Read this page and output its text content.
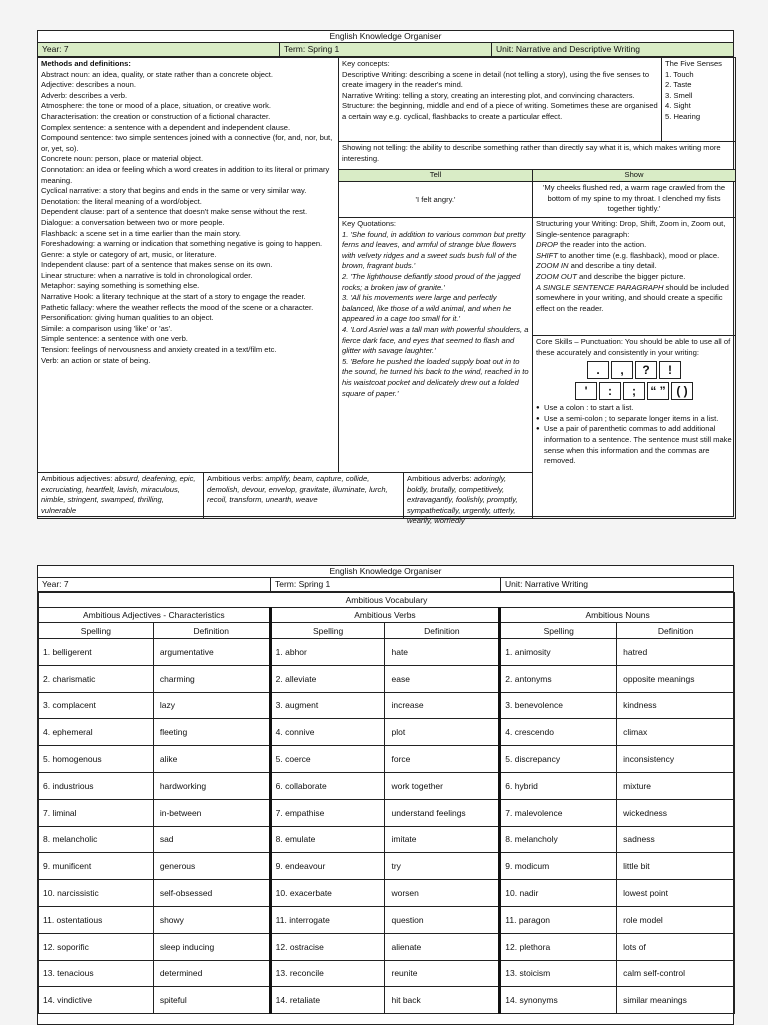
English Knowledge Organiser
Year: 7	Term: Spring 1	Unit: Narrative and Descriptive Writing
Methods and definitions:
Abstract noun: an idea, quality, or state rather than a concrete object.
Adjective: describes a noun.
Adverb: describes a verb.
Atmosphere: the tone or mood of a place, situation, or creative work.
Characterisation: the creation or construction of a fictional character.
Complex sentence: a sentence with a dependent and independent clause.
Compound sentence: two simple sentences joined with a connective (for, and, nor, but, or, yet, so).
Concrete noun: person, place or material object.
Connotation: an idea or feeling which a word creates in addition to its literal or primary meaning.
Cyclical narrative: a story that begins and ends in the same or very similar way.
Denotation: the literal meaning of a word/object.
Dependent clause: part of a sentence that doesn't make sense without the rest.
Dialogue: a conversation between two or more people.
Flashback: a scene set in a time earlier than the main story.
Foreshadowing: a warning or indication that something negative is going to happen.
Genre: a style or category of art, music, or literature.
Independent clause: part of a sentence that makes sense on its own.
Linear structure: when a narrative is told in chronological order.
Metaphor: saying something is something else.
Narrative Hook: a literary technique at the start of a story to engage the reader.
Pathetic fallacy: where the weather reflects the mood of the scene or a character.
Personification: giving human qualities to an object.
Simile: a comparison using 'like' or 'as'.
Simple sentence: a sentence with one verb.
Tension: feelings of nervousness and anxiety created in a text/film etc.
Verb: an action or state of being.
Key concepts:
Descriptive Writing: describing a scene in detail (not telling a story), using the five senses to create imagery in the reader's mind.
Narrative Writing: telling a story, creating an interesting plot, and convincing characters.
Structure: the beginning, middle and end of a piece of writing. Sometimes these are organised a certain way e.g. cyclical, flashbacks to create a particular effect.
The Five Senses
1. Touch
2. Taste
3. Smell
4. Sight
5. Hearing
Showing not telling: the ability to describe something rather than directly say what it is, which makes writing more interesting.
Tell	Show
'I felt angry.'
'My cheeks flushed red, a warm rage crawled from the bottom of my spine to my throat. I clenched my fists together tightly.'
Key Quotations:
1. 'She found, in addition to various common but pretty ferns and leaves, and armful of strange blue flowers with velvety ridges and a sweet suds bush full of the brown, fragrant buds.'
2. 'The lighthouse defiantly stood proud of the jagged rocks; a broken jaw of granite.'
3. 'All his movements were large and perfectly balanced, like those of a wild animal, and when he appeared in a cage too small for it.'
4. 'Lord Asriel was a tall man with powerful shoulders, a fierce dark face, and eyes that seemed to flash and glitter with savage laughter.'
5. 'Before he pushed the loaded supply boat out in to the sound, he turned his back to the wind, reached in to his waistcoat pocket and delicately drew out a folded square of paper.'
Structuring your Writing: Drop, Shift, Zoom in, Zoom out, Single-sentence paragraph:
DROP the reader into the action.
SHIFT to another time (e.g. flashback), mood or place.
ZOOM IN and describe a tiny detail.
ZOOM OUT and describe the bigger picture.
A SINGLE SENTENCE PARAGRAPH should be included somewhere in your writing, and should create a specific effect on the reader.
Core Skills – Punctuation: You should be able to use all of these accurately and consistently in your writing:
.	,	?	!
'	:	;	“ ” ( )
● Use a colon : to start a list.
● Use a semi-colon ; to separate longer items in a list.
● Use a pair of parenthetic commas to add additional information to a sentence. The sentence must still make sense when this information and the commas are removed.
Ambitious adjectives: absurd, deafening, epic, excruciating, heartfelt, lavish, miraculous, nimble, stringent, swamped, thrilling, vulnerable
Ambitious verbs: amplify, beam, capture, collide, demolish, devour, envelop, gravitate, illuminate, lurch, recoil, transform, unearth, weave
Ambitious adverbs: adoringly, boldly, brutally, competitively, extravagantly, foolishly, promptly, sympathetically, urgently, utterly, wearily, worriedly
English Knowledge Organiser
Year: 7	Term: Spring 1	Unit: Narrative Writing
Ambitious Vocabulary					
Ambitious Adjectives - Characteristics		Ambitious Verbs		Ambitious Nouns	
Spelling	Definition	Spelling	Definition	Spelling	Definition
1. belligerent	argumentative	1. abhor	hate	1. animosity	hatred
2. charismatic	charming	2. alleviate	ease	2. antonyms	opposite meanings
3. complacent	lazy	3. augment	increase	3. benevolence	kindness
4. ephemeral	fleeting	4. connive	plot	4. crescendo	climax
5. homogenous	alike	5. coerce	force	5. discrepancy	inconsistency
6. industrious	hardworking	6. collaborate	work together	6. hybrid	mixture
7. liminal	in-between	7. empathise	understand feelings	7. malevolence	wickedness
8. melancholic	sad	8. emulate	imitate	8. melancholy	sadness
9. munificent	generous	9. endeavour	try	9. modicum	little bit
10. narcissistic	self-obsessed	10. exacerbate	worsen	10. nadir	lowest point
11. ostentatious	showy	11. interrogate	question	11. paragon	role model
12. soporific	sleep inducing	12. ostracise	alienate	12. plethora	lots of
13. tenacious	determined	13. reconcile	reunite	13. stoicism	calm self-control
14. vindictive	spiteful	14. retaliate	hit back	14. synonyms	similar meanings
